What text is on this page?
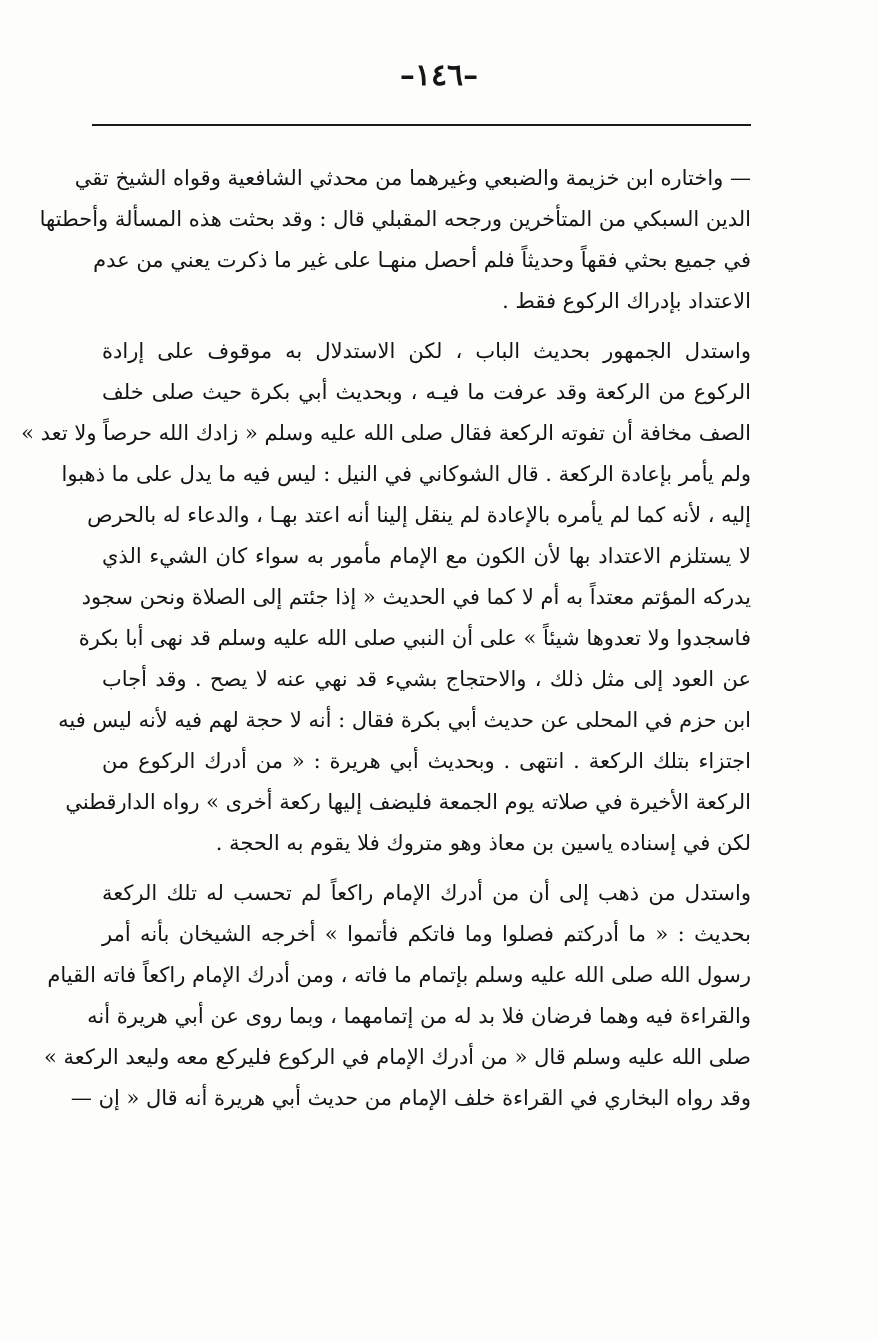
–١٤٦–
— واختاره ابن خزيمة والضبعي وغيرهما من محدثي الشافعية وقواه الشيخ تقي
الدين السبكي من المتأخرين ورجحه المقبلي قال : وقد بحثت هذه المسألة وأحطتها
في جميع بحثي فقهاً وحديثاً فلم أحصل منهـا على غير ما ذكرت يعني من عدم
الاعتداد بإدراك الركوع فقط .
واستدل الجمهور بحديث الباب ، لكن الاستدلال به موقوف على إرادة
الركوع من الركعة وقد عرفت ما فيـه ، وبحديث أبي بكرة حيث صلى خلف
الصف مخافة أن تفوته الركعة فقال صلى الله عليه وسلم « زادك الله حرصاً ولا تعد »
ولم يأمر بإعادة الركعة . قال الشوكاني في النيل : ليس فيه ما يدل على ما ذهبوا
إليه ، لأنه كما لم يأمره بالإعادة لم ينقل إلينا أنه اعتد بهـا ، والدعاء له بالحرص
لا يستلزم الاعتداد بها لأن الكون مع الإمام مأمور به سواء كان الشيء الذي
يدركه المؤتم معتداً به أم لا كما في الحديث « إذا جئتم إلى الصلاة ونحن سجود
فاسجدوا ولا تعدوها شيئاً » على أن النبي صلى الله عليه وسلم قد نهى أبا بكرة
عن العود إلى مثل ذلك ، والاحتجاج بشيء قد نهي عنه لا يصح . وقد أجاب
ابن حزم في المحلى عن حديث أبي بكرة فقال : أنه لا حجة لهم فيه لأنه ليس فيه
اجتزاء بتلك الركعة . انتهى . وبحديث أبي هريرة : « من أدرك الركوع من
الركعة الأخيرة في صلاته يوم الجمعة فليضف إليها ركعة أخرى » رواه الدارقطني
لكن في إسناده ياسين بن معاذ وهو متروك فلا يقوم به الحجة .
واستدل من ذهب إلى أن من أدرك الإمام راكعاً لم تحسب له تلك الركعة
بحديث : « ما أدركتم فصلوا وما فاتكم فأتموا » أخرجه الشيخان بأنه أمر
رسول الله صلى الله عليه وسلم بإتمام ما فاته ، ومن أدرك الإمام راكعاً فاته القيام
والقراءة فيه وهما فرضان فلا بد له من إتمامهما ، وبما روى عن أبي هريرة أنه
صلى الله عليه وسلم قال « من أدرك الإمام في الركوع فليركع معه وليعد الركعة »
وقد رواه البخاري في القراءة خلف الإمام من حديث أبي هريرة أنه قال « إن —
